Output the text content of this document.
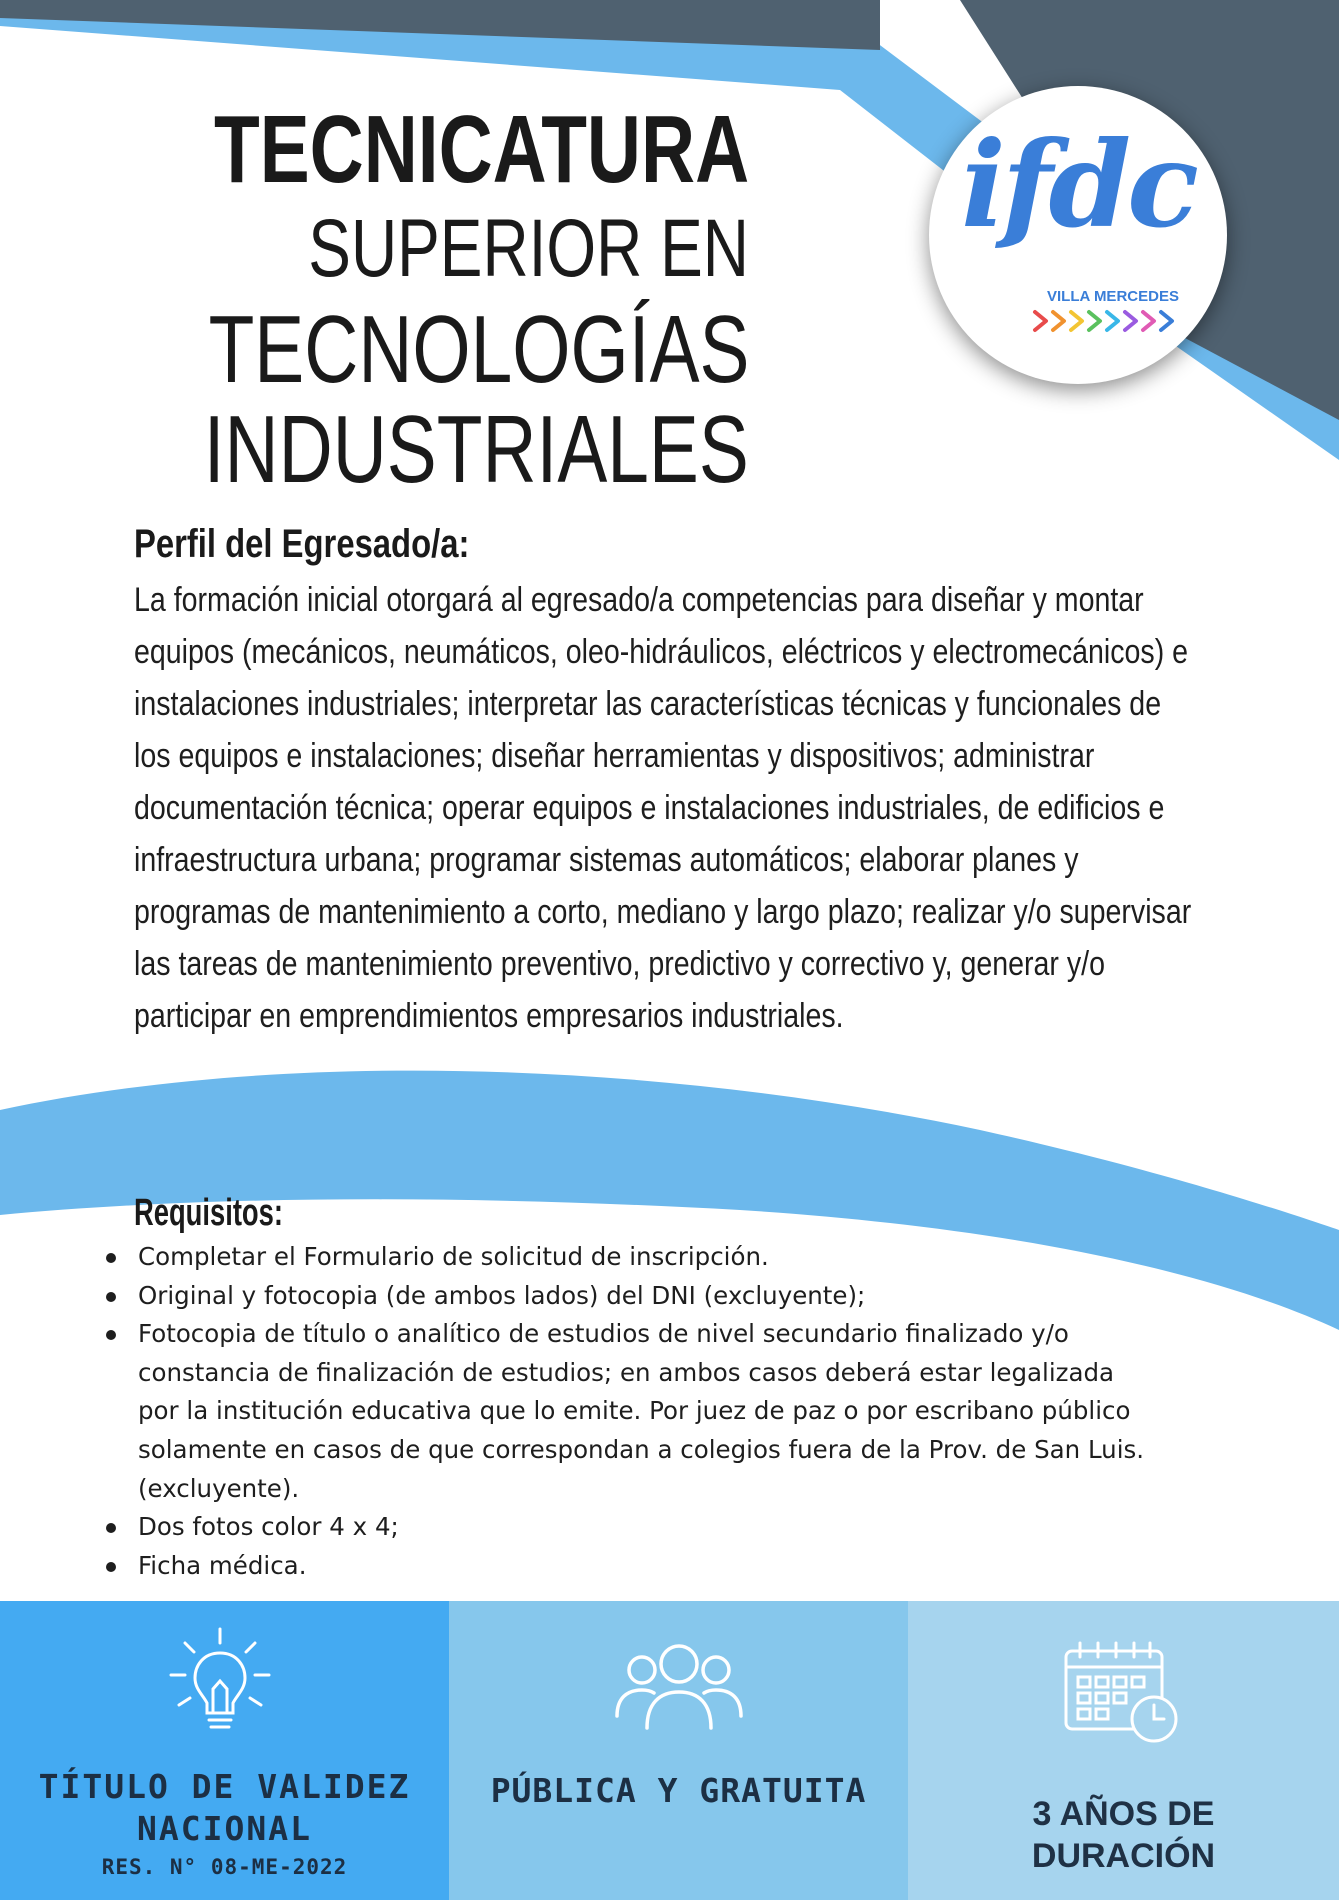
TECNICATURA
SUPERIOR EN
TECNOLOGÍAS
INDUSTRIALES
ifdc
VILLA MERCEDES
Perfil del Egresado/a:

La formación inicial otorgará al egresado/a competencias para diseñar y montar equipos (mecánicos, neumáticos, oleo-hidráulicos, eléctricos y electromecánicos) e instalaciones industriales; interpretar las características técnicas y funcionales de los equipos e instalaciones; diseñar herramientas y dispositivos; administrar documentación técnica; operar equipos e instalaciones industriales, de edificios e infraestructura urbana; programar sistemas automáticos; elaborar planes y programas de mantenimiento a corto, mediano y largo plazo; realizar y/o supervisar las tareas de mantenimiento preventivo, predictivo y correctivo y, generar y/o participar en emprendimientos empresarios industriales.

Requisitos:
Completar el Formulario de solicitud de inscripción.
Original y fotocopia (de ambos lados) del DNI (excluyente);
Fotocopia de título o analítico de estudios de nivel secundario finalizado y/o constancia de finalización de estudios; en ambos casos deberá estar legalizada por la institución educativa que lo emite. Por juez de paz o por escribano público solamente en casos de que correspondan a colegios fuera de la Prov. de San Luis. (excluyente).
Dos fotos color 4 x 4;
Ficha médica.

TÍTULO DE VALIDEZ
NACIONAL

RES. N° 08-ME-2022

PÚBLICA Y GRATUITA

3 AÑOS DE
DURACIÓN
